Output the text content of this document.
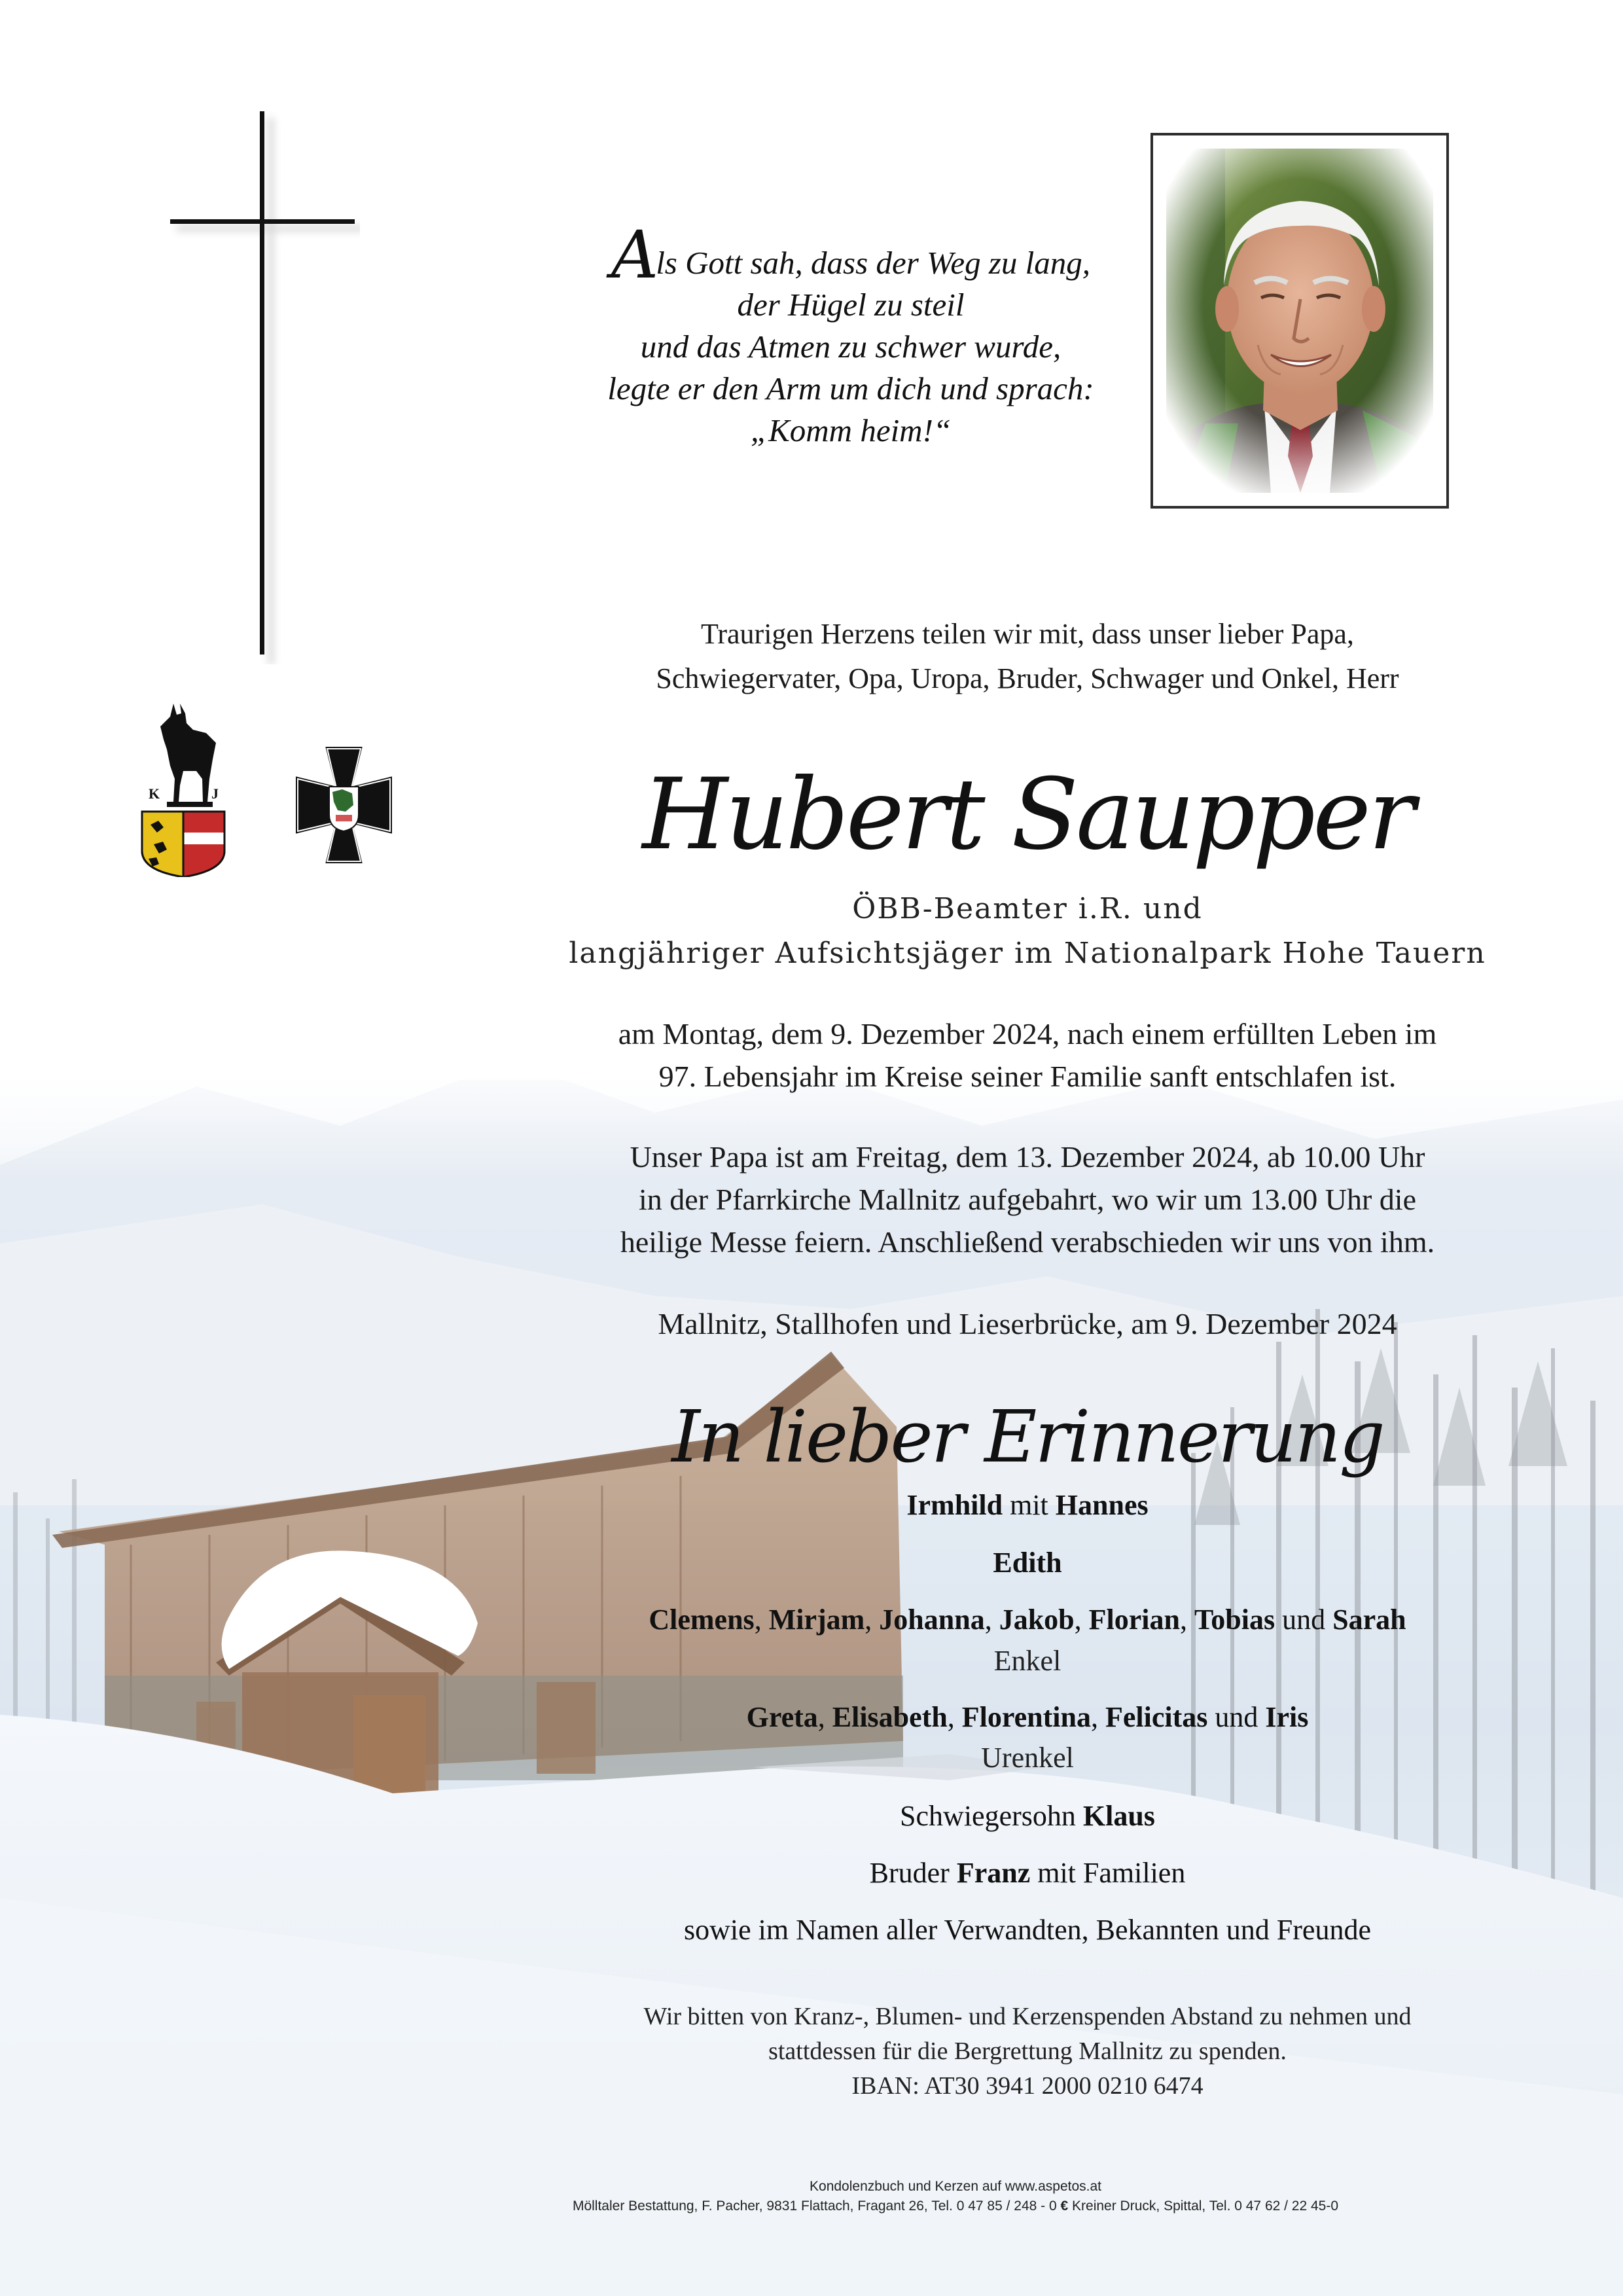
K	J
Als Gott sah, dass der Weg zu lang,
der Hügel zu steil
und das Atmen zu schwer wurde,
legte er den Arm um dich und sprach:
„Komm heim!“
Traurigen Herzens teilen wir mit, dass unser lieber Papa,
Schwiegervater, Opa, Uropa, Bruder, Schwager und Onkel, Herr
Hubert Saupper
ÖBB-Beamter i.R. und
langjähriger Aufsichtsjäger im Nationalpark Hohe Tauern
am Montag, dem 9. Dezember 2024, nach einem erfüllten Leben im
97. Lebensjahr im Kreise seiner Familie sanft entschlafen ist.
Unser Papa ist am Freitag, dem 13. Dezember 2024, ab 10.00 Uhr
in der Pfarrkirche Mallnitz aufgebahrt, wo wir um 13.00 Uhr die
heilige Messe feiern. Anschließend verabschieden wir uns von ihm.
Mallnitz, Stallhofen und Lieserbrücke, am 9. Dezember 2024
In lieber Erinnerung
Irmhild mit Hannes
Edith
Clemens, Mirjam, Johanna, Jakob, Florian, Tobias und Sarah
Enkel
Greta, Elisabeth, Florentina, Felicitas und Iris
Urenkel
Schwiegersohn Klaus
Bruder Franz mit Familien
sowie im Namen aller Verwandten, Bekannten und Freunde
Wir bitten von Kranz-, Blumen- und Kerzenspenden Abstand zu nehmen und
stattdessen für die Bergrettung Mallnitz zu spenden.
IBAN: AT30 3941 2000 0210 6474
Kondolenzbuch und Kerzen auf www.aspetos.at
Mölltaler Bestattung, F. Pacher, 9831 Flattach, Fragant 26, Tel. 0 47 85 / 248 - 0 € Kreiner Druck, Spittal, Tel. 0 47 62 / 22 45-0
